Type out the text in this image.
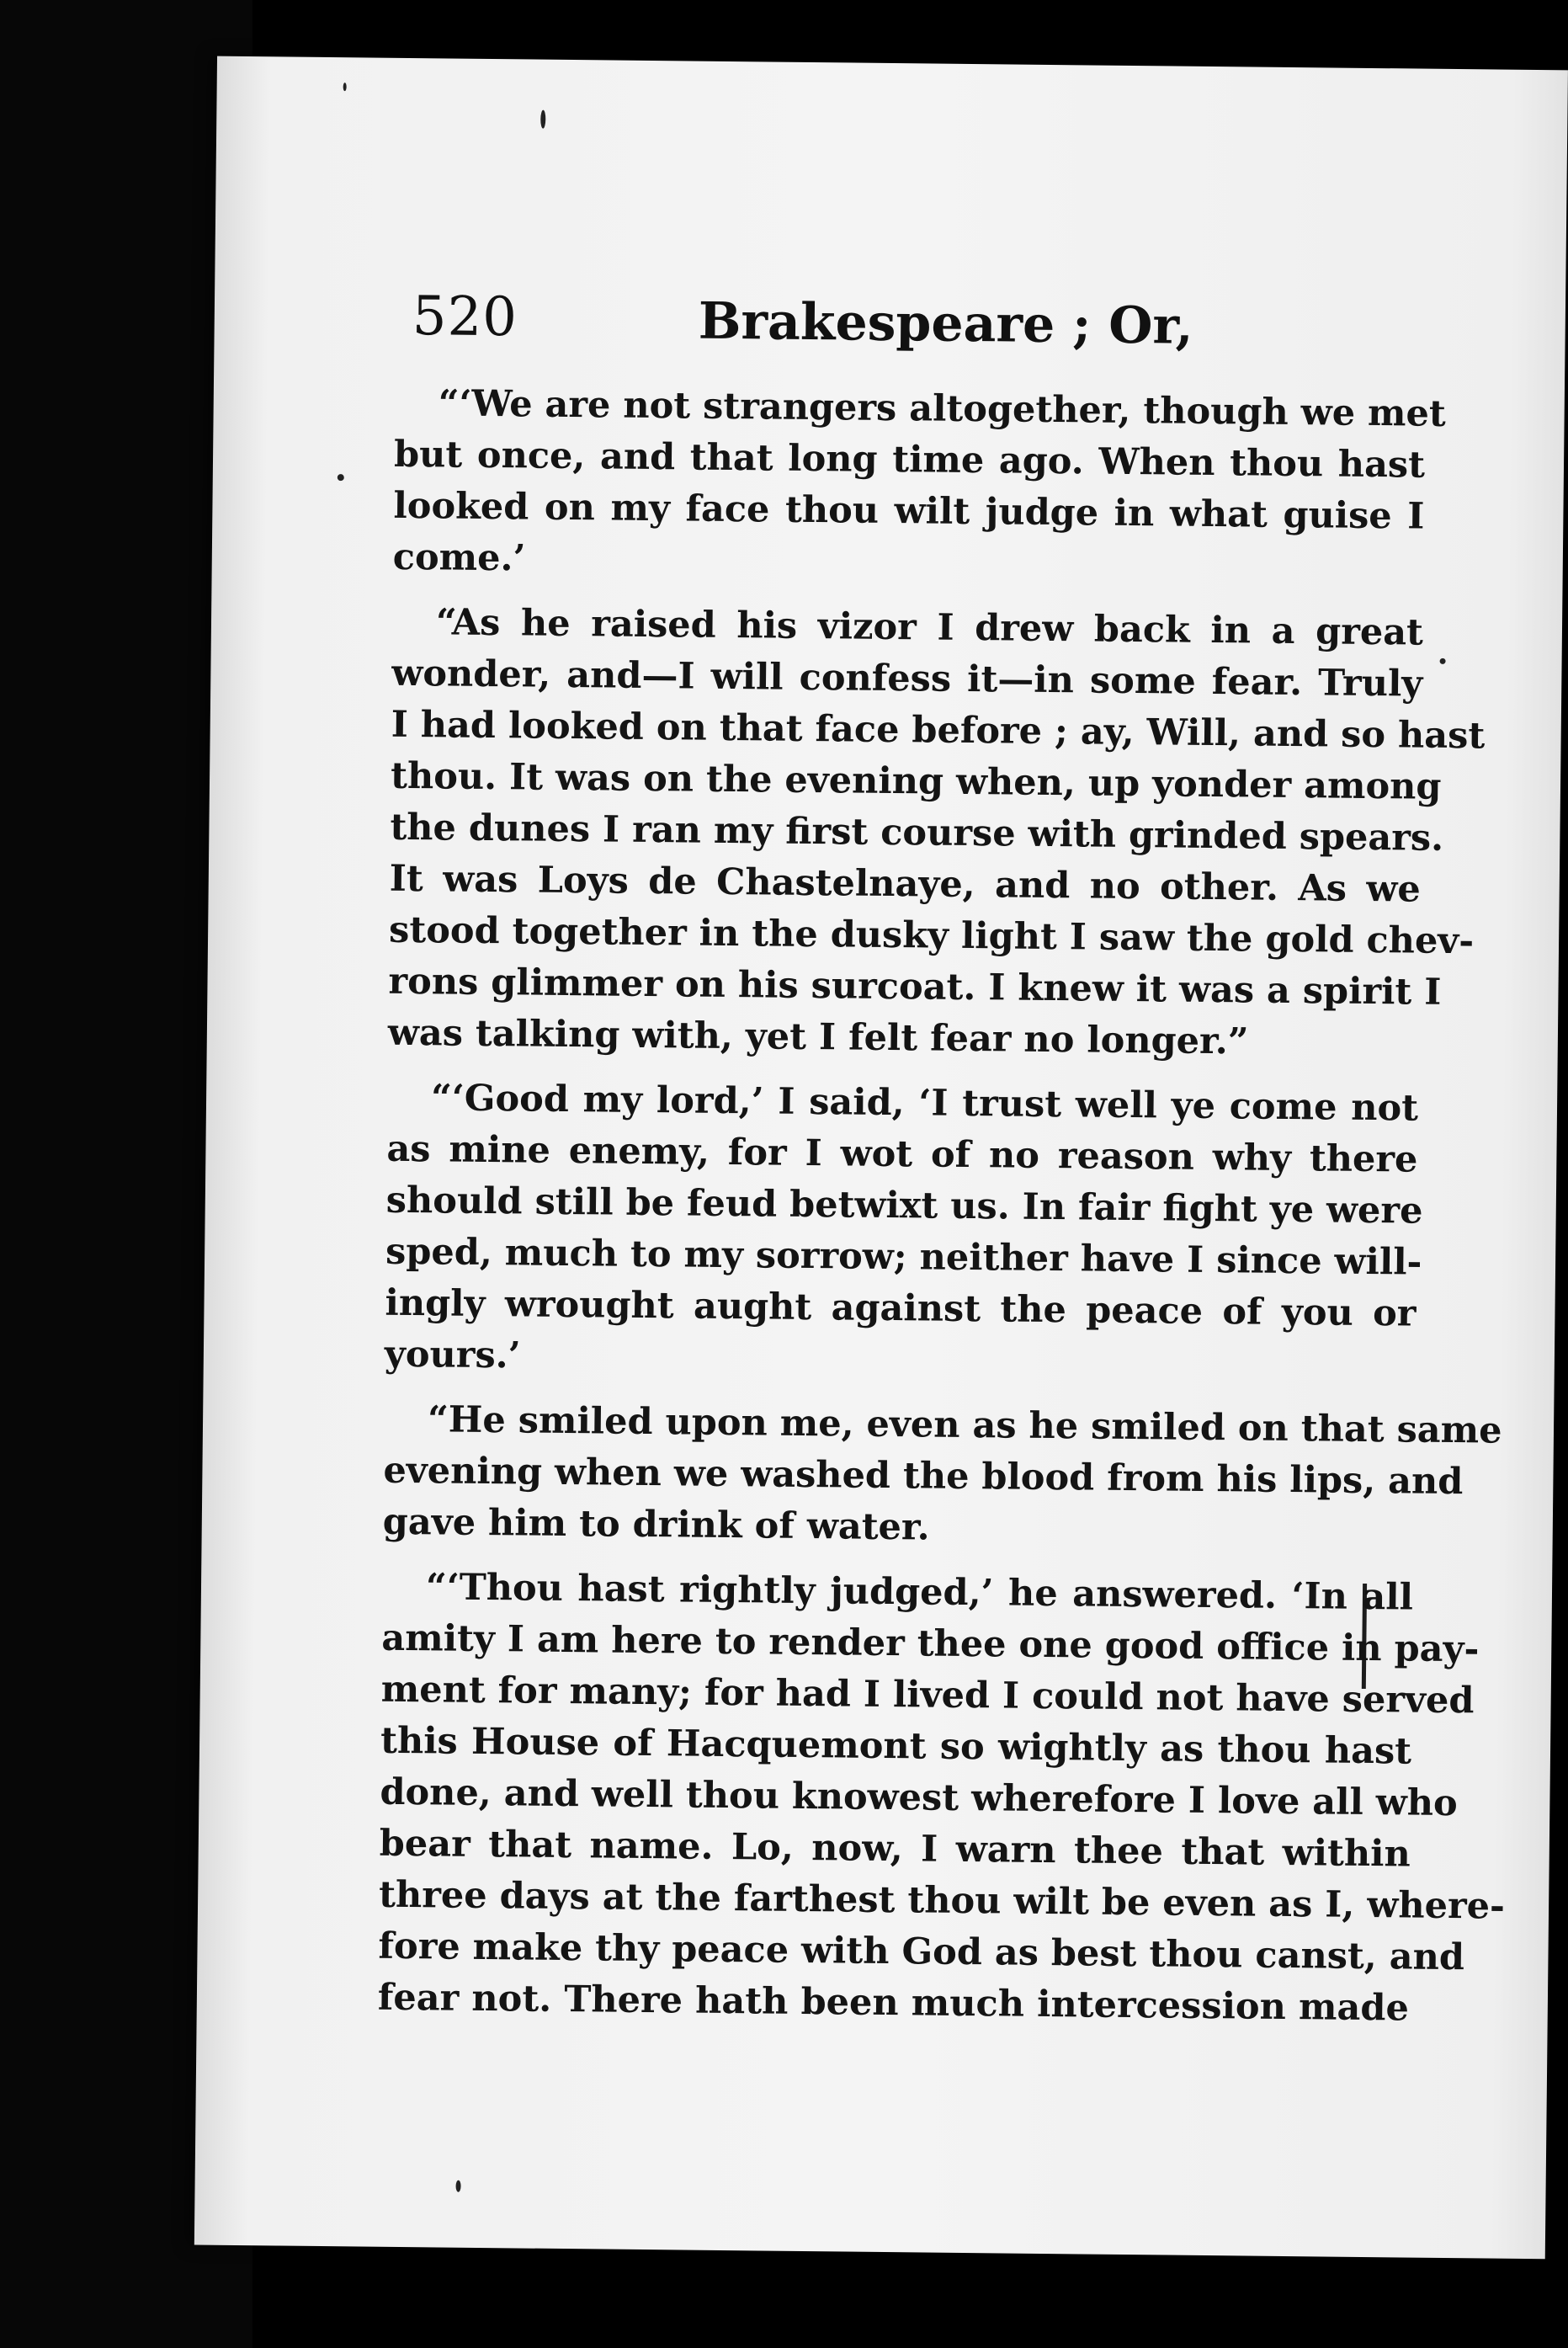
520	Brakespeare ; Or,
“‘We are not strangers altogether, though we met
but once, and that long time ago. When thou hast
looked on my face thou wilt judge in what guise I
come.’
“As he raised his vizor I drew back in a great
wonder, and—I will confess it—in some fear. Truly
I had looked on that face before ; ay, Will, and so hast
thou. It was on the evening when, up yonder among
the dunes I ran my first course with grinded spears.
It was Loys de Chastelnaye, and no other. As we
stood together in the dusky light I saw the gold chev-
rons glimmer on his surcoat. I knew it was a spirit I
was talking with, yet I felt fear no longer.”
“‘Good my lord,’ I said, ‘I trust well ye come not
as mine enemy, for I wot of no reason why there
should still be feud betwixt us. In fair fight ye were
sped, much to my sorrow; neither have I since will-
ingly wrought aught against the peace of you or
yours.’
“He smiled upon me, even as he smiled on that same
evening when we washed the blood from his lips, and
gave him to drink of water.
“‘Thou hast rightly judged,’ he answered. ‘In all
amity I am here to render thee one good office in pay-
ment for many; for had I lived I could not have served
this House of Hacquemont so wightly as thou hast
done, and well thou knowest wherefore I love all who
bear that name. Lo, now, I warn thee that within
three days at the farthest thou wilt be even as I, where-
fore make thy peace with God as best thou canst, and
fear not. There hath been much intercession made
